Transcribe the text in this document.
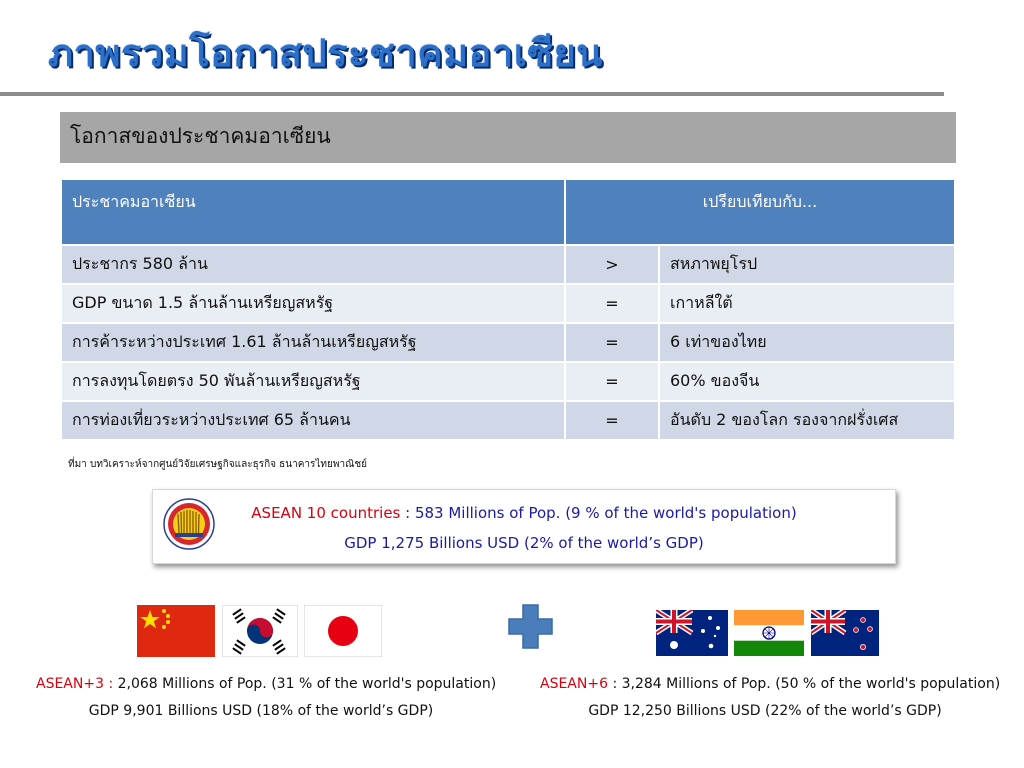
ภาพรวมโอกาสประชาคมอาเซียน
โอกาสของประชาคมอาเซียน
ประชาคมอาเซียน	เปรียบเทียบกับ...	
ประชากร 580 ล้าน	>	สหภาพยุโรป
GDP ขนาด 1.5 ล้านล้านเหรียญสหรัฐ	=	เกาหลีใต้
การค้าระหว่างประเทศ 1.61 ล้านล้านเหรียญสหรัฐ	=	6 เท่าของไทย
การลงทุนโดยตรง 50 พันล้านเหรียญสหรัฐ	=	60% ของจีน
การท่องเที่ยวระหว่างประเทศ 65 ล้านคน	=	อันดับ 2 ของโลก รองจากฝรั่งเศส
ที่มา บทวิเคราะห์จากศูนย์วิจัยเศรษฐกิจและธุรกิจ ธนาคารไทยพาณิชย์
ASEAN 10 countries : 583 Millions of Pop. (9 % of the world's population)
GDP 1,275 Billions USD (2% of the world’s GDP)
ASEAN+3 : 2,068 Millions of Pop. (31 % of the world's population)
GDP 9,901 Billions USD (18% of the world’s GDP)
ASEAN+6 : 3,284 Millions of Pop. (50 % of the world's population)
GDP 12,250 Billions USD (22% of the world’s GDP)
